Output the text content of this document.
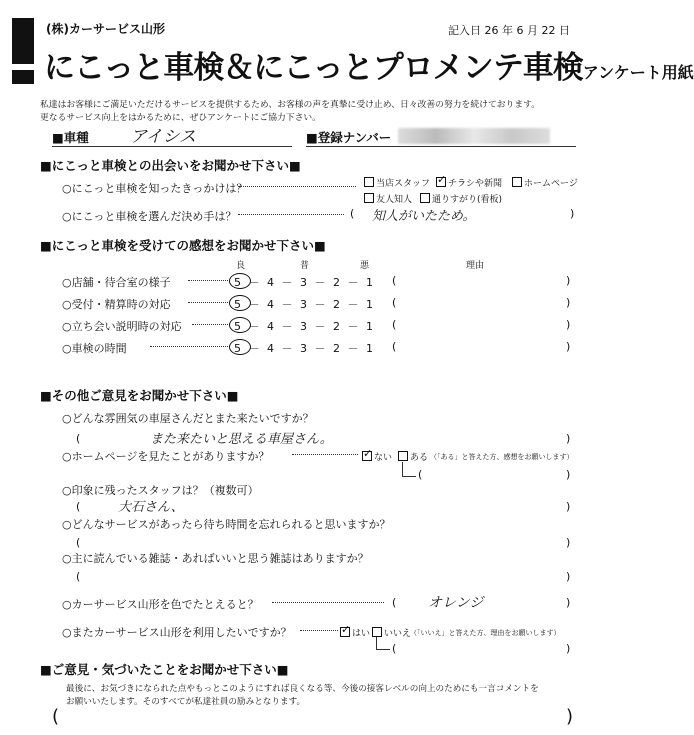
(株)カーサービス山形	記入日 26 年 6 月 22 日
にこっと車検＆にこっとプロメンテ車検アンケート用紙
私達はお客様にご満足いただけるサービスを提供するため、お客様の声を真摯に受け止め、日々改善の努力を続けております。
更なるサービス向上をはかるために、ぜひアンケートにご協力下さい。
■車種 アイシス	■登録ナンバー
■にこっと車検との出会いをお聞かせ下さい■
○にこっと車検を知ったきっかけは？	当店スタッフ ✓ チラシや新聞	ホームページ
友人知人	通りすがり(看板)
○にこっと車検を選んだ決め手は？	( 知人がいたため。	)
■にこっと車検を受けての感想をお聞かせ下さい■
良	普	悪	理由
○店舗・待合室の様子	5 － 4 － 3 － 2 － 1 (	)
○受付・精算時の対応	5 － 4 － 3 － 2 － 1 (	)
○立ち会い説明時の対応	5 － 4 － 3 － 2 － 1 (	)
○車検の時間	5 － 4 － 3 － 2 － 1 (	)
■その他ご意見をお聞かせ下さい■
○どんな雰囲気の車屋さんだとまた来たいですか？
(	また来たいと思える車屋さん。	)
○ホームページを見たことがありますか？	✓ ない	ある （「ある」と答えた方、感想をお願いします）
(	)
○印象に残ったスタッフは？（複数可）
(	大石さん、	)
○どんなサービスがあったら待ち時間を忘れられると思いますか？
(	)
○主に読んでいる雑誌・あればいいと思う雑誌はありますか？
(	)
○カーサービス山形を色でたとえると？	( オレンジ	)
○またカーサービス山形を利用したいですか？	✓ はい	いいえ
（「いいえ」と答えた方、理由をお願いします）
(	)
■ご意見・気づいたことをお聞かせ下さい■
最後に、お気づきになられた点やもっとこのようにすれば良くなる等、今後の接客レベルの向上のためにも一言コメントを
お願いいたします。そのすべてが私達社員の励みとなります。
(	)
